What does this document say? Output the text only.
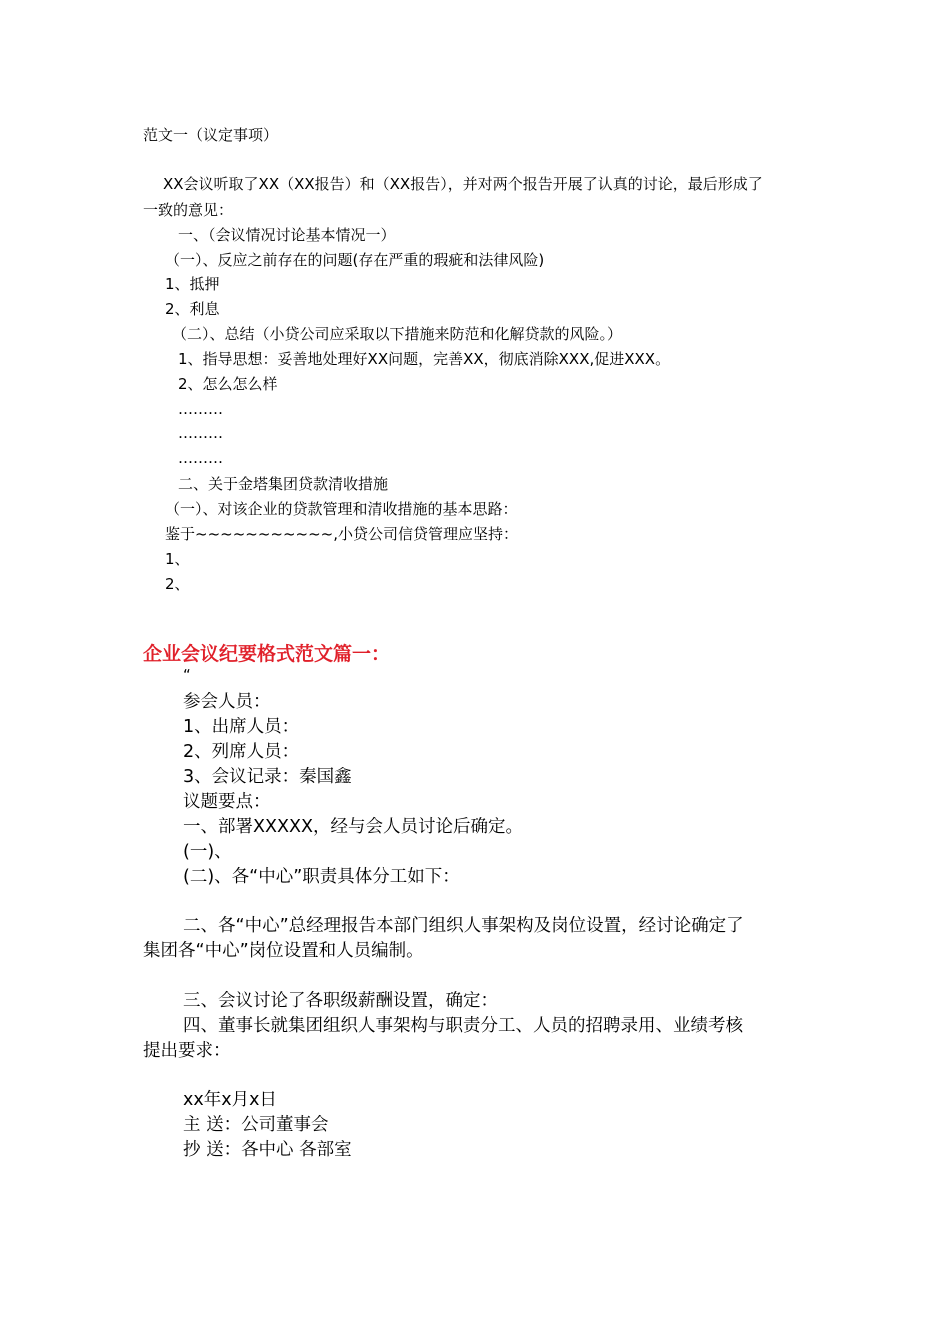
范文一（议定事项）
XX会议听取了XX（XX报告）和（XX报告），并对两个报告开展了认真的讨论，最后形成了
一致的意见：
一、（会议情况讨论基本情况一）
（一）、反应之前存在的问题(存在严重的瑕疵和法律风险)
1、抵押
2、利息
（二）、总结（小贷公司应采取以下措施来防范和化解贷款的风险。）
1、指导思想：妥善地处理好XX问题，完善XX，彻底消除XXX,促进XXX。
2、怎么怎么样
………
………
………
二、关于金塔集团贷款清收措施
（一）、对该企业的贷款管理和清收措施的基本思路：
鉴于~~~~~~~~~~~,小贷公司信贷管理应坚持：
1、
2、
企业会议纪要格式范文篇一：
“
参会人员：
1、出席人员：
2、列席人员：
3、会议记录：秦国鑫
议题要点：
一、部署XXXXX，经与会人员讨论后确定。
(一)、
(二)、各“中心”职责具体分工如下：
二、各“中心”总经理报告本部门组织人事架构及岗位设置，经讨论确定了
集团各“中心”岗位设置和人员编制。
三、会议讨论了各职级薪酬设置，确定：
四、董事长就集团组织人事架构与职责分工、人员的招聘录用、业绩考核
提出要求：
xx年x月x日
主 送：公司董事会
抄 送：各中心 各部室
